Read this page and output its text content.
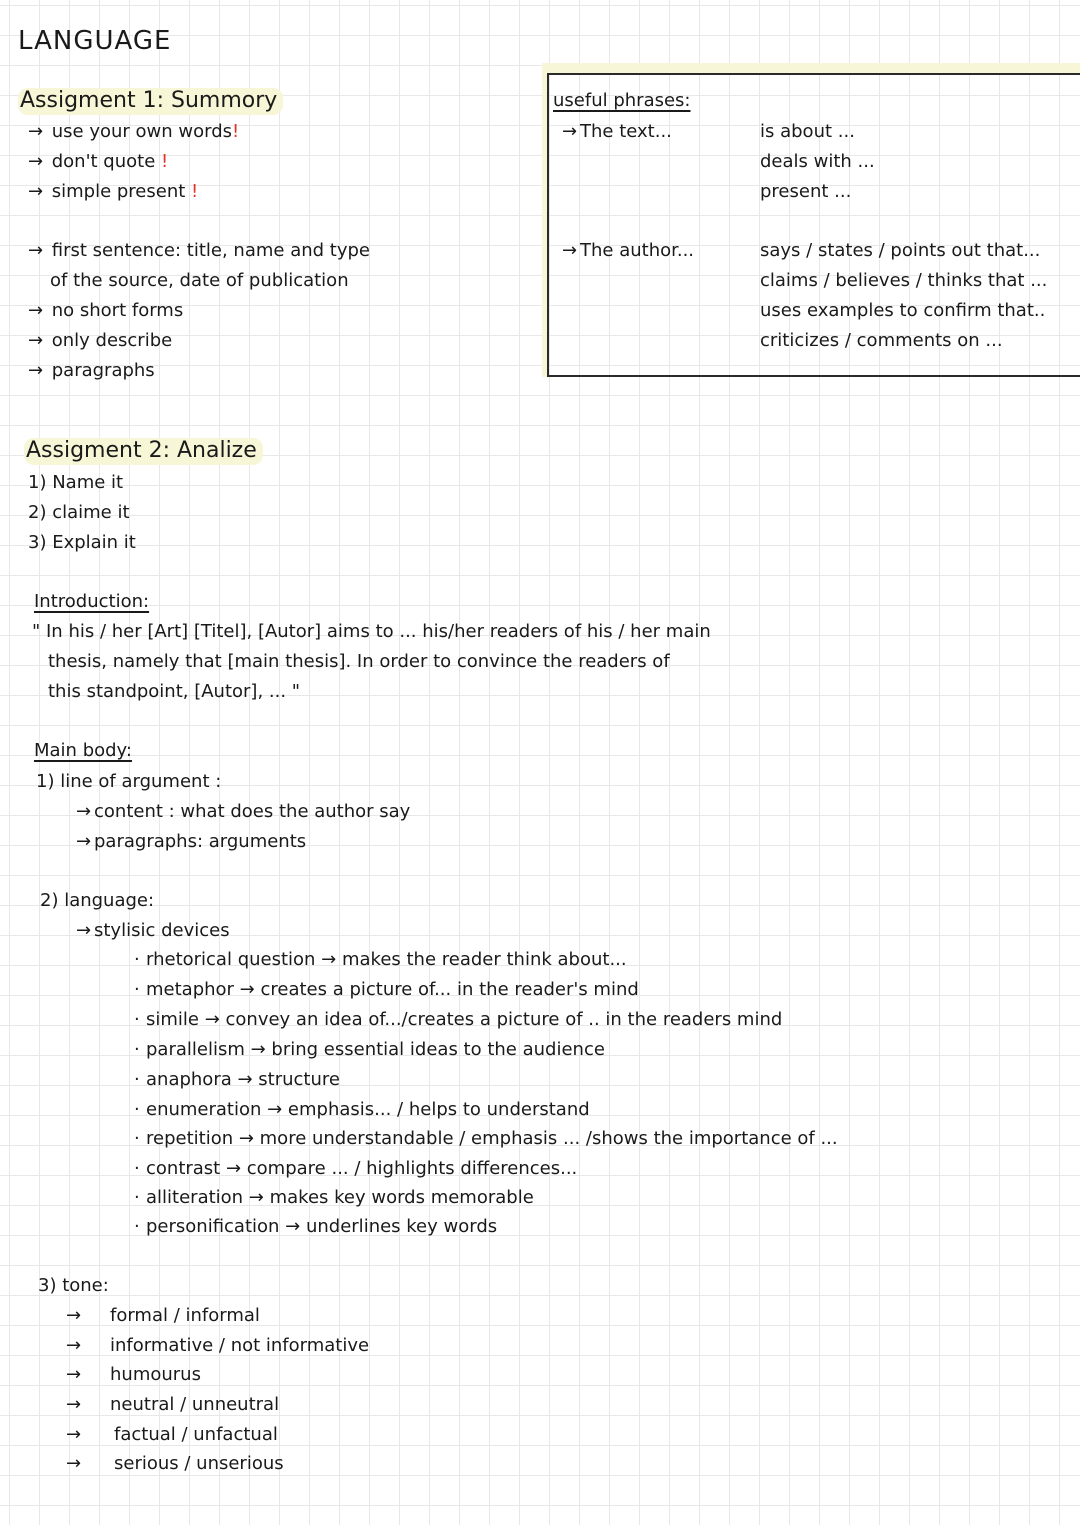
LANGUAGE
Assigment 1: Summory
→ use your own words!
→ don't quote !
→ simple present !
→ first sentence: title, name and type
of the source, date of publication
→ no short forms
→ only describe
→ paragraphs
useful phrases:
→ The text...	is about ...
deals with ...
present ...
→ The author...	says / states / points out that...
claims / believes / thinks that ...
uses examples to confirm that..
criticizes / comments on ...
Assigment 2: Analize
1) Name it
2) claime it
3) Explain it
Introduction:
" In his / her [Art] [Titel], [Autor] aims to ... his/her readers of his / her main
thesis, namely that [main thesis]. In order to convince the readers of
this standpoint, [Autor], ... "
Main body:
1) line of argument :
→ content : what does the author say
→ paragraphs: arguments
2) language:
→ stylisic devices
· rhetorical question → makes the reader think about...
· metaphor → creates a picture of... in the reader's mind
· simile → convey an idea of.../creates a picture of .. in the readers mind
· parallelism → bring essential ideas to the audience
· anaphora → structure
· enumeration → emphasis... / helps to understand
· repetition → more understandable / emphasis ... /shows the importance of ...
· contrast → compare ... / highlights differences...
· alliteration → makes key words memorable
· personification → underlines key words
3) tone:
→ formal / informal
→ informative / not informative
→ humourus
→ neutral / unneutral
→ factual / unfactual
→ serious / unserious
